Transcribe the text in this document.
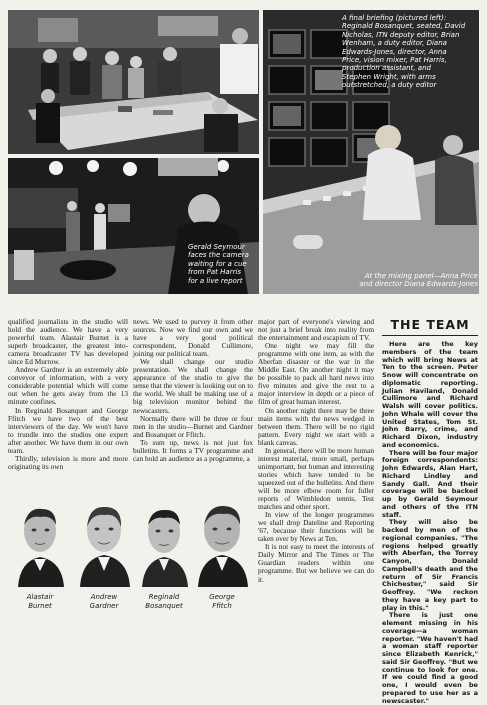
A final briefing (pictured left):
Reginald Bosanquet, seated, David
Nicholas, ITN deputy editor, Brian
Wenham, a duty editor, Diana
Edwards-Jones, director, Anna
Price, vision mixer, Pat Harris,
production assistant, and
Stephen Wright, with arms
outstretched, a duty editor
Gerald Seymour
faces the camera
waiting for a cue
from Pat Harris
for a live report
At the mixing panel—Anna Price
and director Diana Edwards-Jones

qualified journalists in the studio will hold the audience. We have a very powerful team. Alastair Burnet is a superb broadcaster, the greatest into-camera broadcaster TV has developed since Ed Murrow.

Andrew Gardner is an extremely able conveyor of information, with a very considerable potential which will come out when he gets away from the 13 minute confines.

In Reginald Bosanquet and George Ffitch we have two of the best interviewers of the day. We won't have to trundle into the studios one expert after another. We have them in our own team.

Thirdly, television is more and more originating its own

news. We used to purvey it from other sources. Now we find our own and we have a very good political correspondent, Donald Cullimore, joining our political team.

We shall change our studio presentation. We shall change the appearance of the studio to give the sense that the viewer is looking out on to the world. We shall be making use of a big television monitor behind the newscasters.

Normally there will be three or four men in the studio—Burnet and Gardner and Bosanquet or Ffitch.

To sum up, news is not just fox bulletins. It forms a TV programme and can hold an audience as a programme, a

major part of everyone's viewing and not just a brief break into reality from the entertainment and escapism of TV.

One night we may fill the programme with one item, as with the Aberfan disaster or the war in the Middle East. On another night it may be possible to pack all hard news into five minutes and give the rest to a major interview in depth or a piece of film of great human interest.

On another night there may be three main items with the news wedged in between them. There will be no rigid pattern. Every night we start with a blank canvas.

In general, there will be more human interest material, more small, perhaps unimportant, but human and interesting stories which have tended to be squeezed out of the bulletins. And there will be more elbow room for fuller reports of Wimbledon tennis, Test matches and other sport.

In view of the longer programmes we shall drop Dateline and Reporting '67, because their functions will be taken over by News at Ten.

It is not easy to meet the interests of Daily Mirror and The Times or The Guardian readers within one programme. But we believe we can do it.

THE TEAM

Here are the key members of the team which will bring News at Ten to the screen. Peter Snow will concentrate on diplomatic reporting. Julian Haviland, Donald Cullimore and Richard Walsh will cover politics. John Whale will cover the United States, Tom St. John Barry, crime, and Richard Dixon, industry and economics.

There will be four major foreign correspondents: John Edwards, Alan Hart, Richard Lindley and Sandy Gall. And their coverage will be backed up by Gerald Seymour and others of the ITN staff.

They will also be backed by men of the regional companies. "The regions helped greatly with Aberfan, the Torrey Canyon, Donald Campbell's death and the return of Sir Francis Chichester," said Sir Geoffrey. "We reckon they have a key part to play in this."

There is just one element missing in his coverage—a woman reporter. "We haven't had a woman staff reporter since Elizabeth Kenrick," said Sir Geoffrey. "But we continue to look for one. If we could find a good one, I would even be prepared to use her as a newscaster."

Alastair
Burnet
Andrew
Gardner
Reginald
Bosanquet
George
Ffitch
